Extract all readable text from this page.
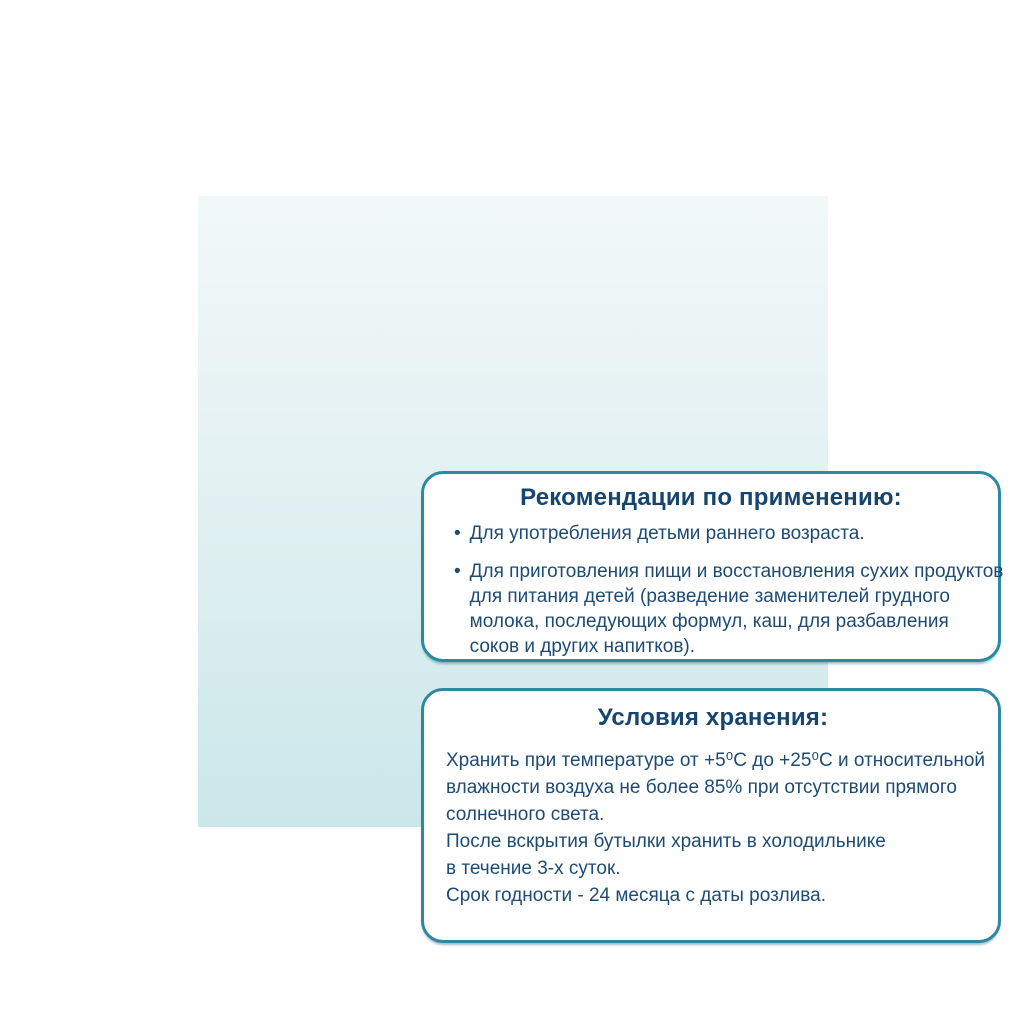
Рекомендации по применению:
• Для употребления детьми раннего возраста.
• Для приготовления пищи и восстановления сухих продуктов
для питания детей (разведение заменителей грудного
молока, последующих формул, каш, для разбавления
соков и других напитков).
Условия хранения:
Хранить при температуре от +5⁰С до +25⁰С и относительной
влажности воздуха не более 85% при отсутствии прямого
солнечного света.
После вскрытия бутылки хранить в холодильнике
в течение 3-х суток.
Срок годности - 24 месяца с даты розлива.
